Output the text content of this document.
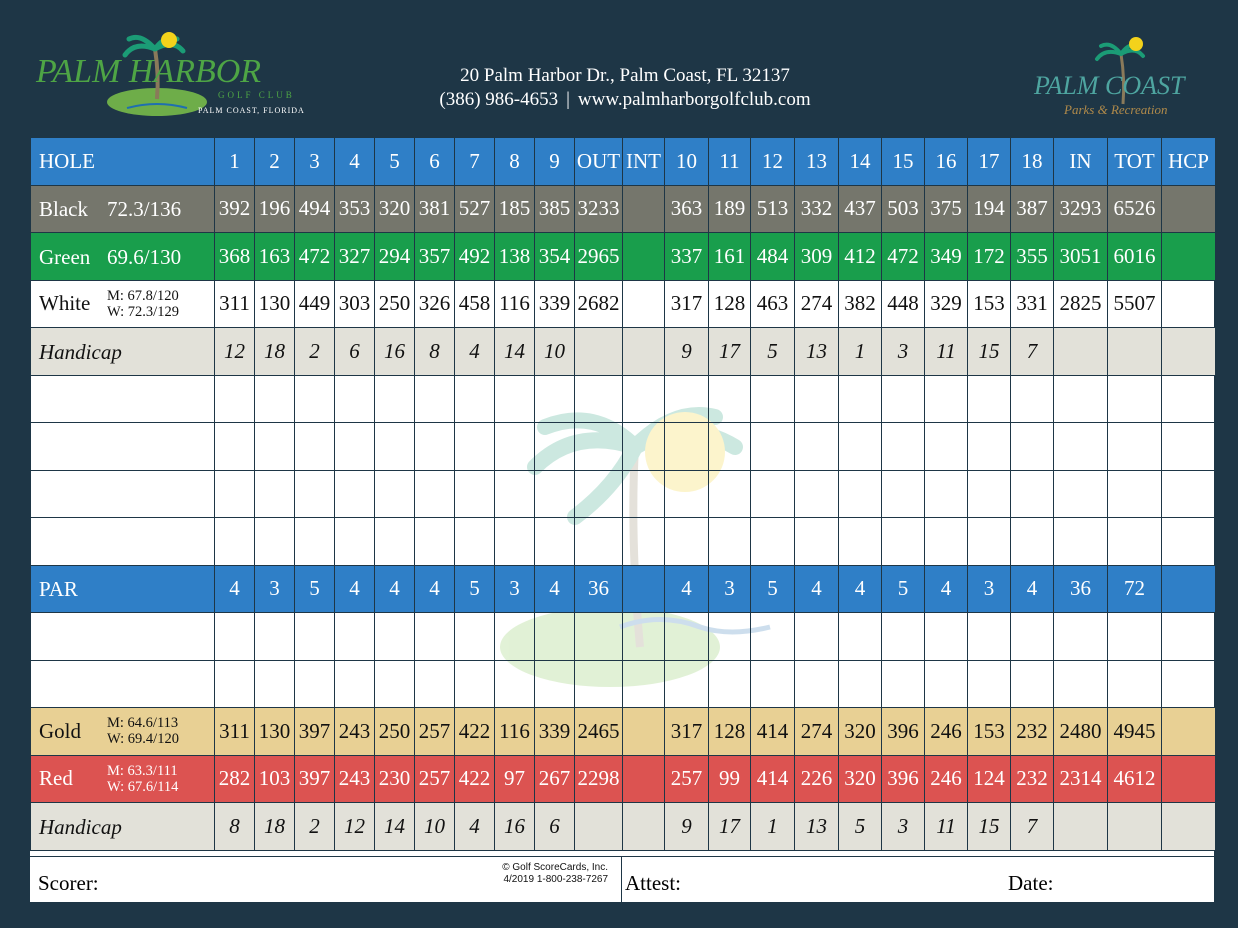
PALM HARBOR
GOLF CLUB
PALM COAST, FLORIDA
20 Palm Harbor Dr., Palm Coast, FL 32137
(386) 986-4653 | www.palmharborgolfclub.com	PALM COAST
Parks & Recreation
HOLE	1	2	3	4	5	6	7	8	9	OUT	INT	10	11	12	13	14	15	16	17	18	IN	TOT	HCP
Black 72.3/136	392	196	494	353	320	381	527	185	385	3233		363	189	513	332	437	503	375	194	387	3293	6526	
Green 69.6/130	368	163	472	327	294	357	492	138	354	2965		337	161	484	309	412	472	349	172	355	3051	6016	
White M: 67.8/120
W: 72.3/129	311	130	449	303	250	326	458	116	339	2682		317	128	463	274	382	448	329	153	331	2825	5507	
Handicap	12	18	2	6	16	8	4	14	10			9	17	5	13	1	3	11	15	7			

PAR	4	3	5	4	4	4	5	3	4	36		4	3	5	4	4	5	4	3	4	36	72	

Gold M: 64.6/113
W: 69.4/120	311	130	397	243	250	257	422	116	339	2465		317	128	414	274	320	396	246	153	232	2480	4945	
Red M: 63.3/111
W: 67.6/114	282	103	397	243	230	257	422	97	267	2298		257	99	414	226	320	396	246	124	232	2314	4612	
Handicap	8	18	2	12	14	10	4	16	6			9	17	1	13	5	3	11	15	7			
Scorer:
© Golf ScoreCards, Inc.
4/2019 1-800-238-7267 Attest:	Date:
